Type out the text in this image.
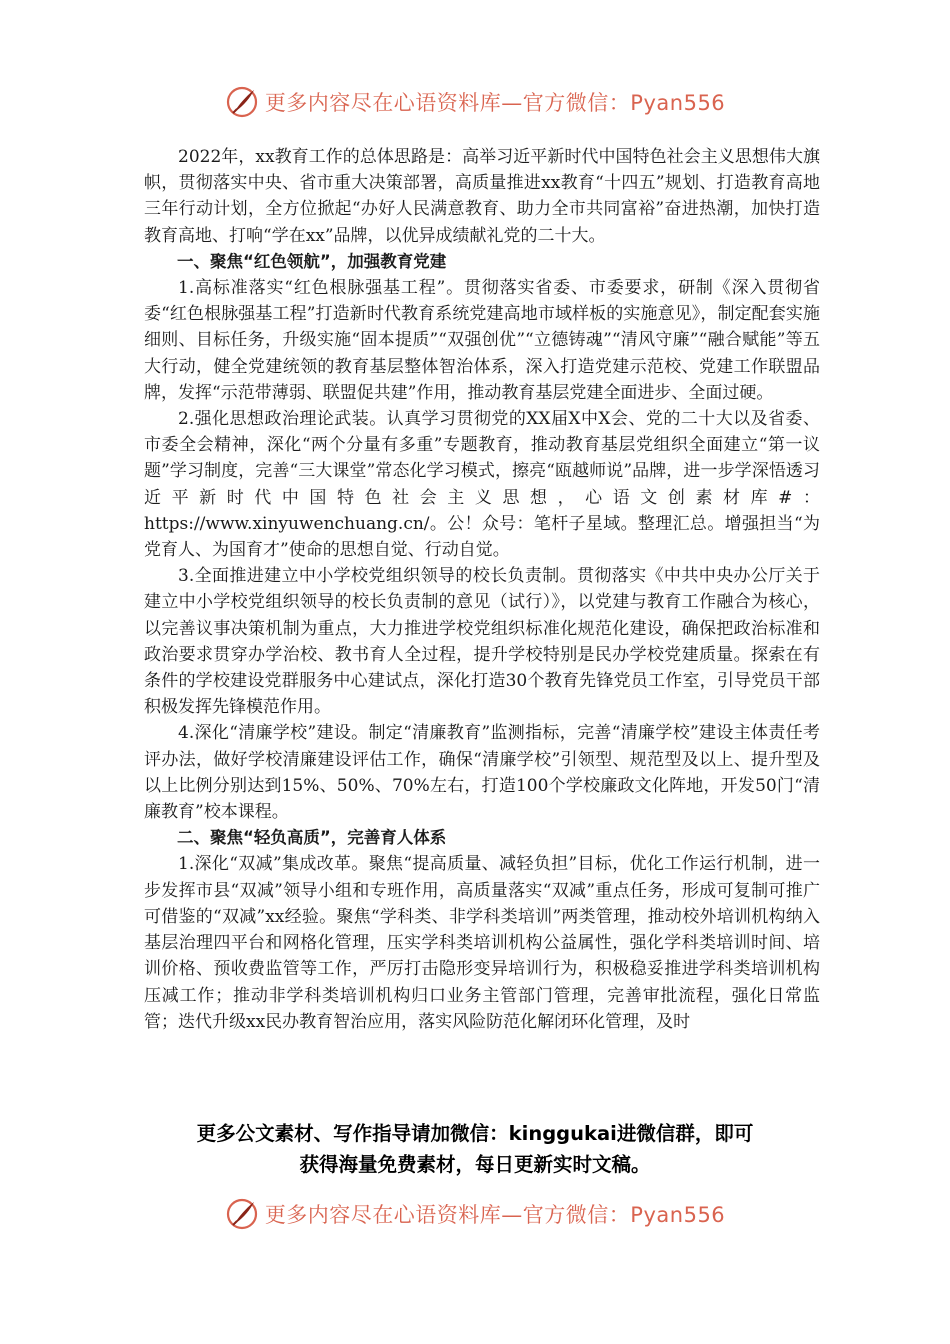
更多内容尽在心语资料库—官方微信：Pyan556

2022年，xx教育工作的总体思路是：高举习近平新时代中国特色社会主义思想伟大旗帜，贯彻落实中央、省市重大决策部署，高质量推进xx教育“十四五”规划、打造教育高地三年行动计划，全方位掀起“办好人民满意教育、助力全市共同富裕”奋进热潮，加快打造教育高地、打响“学在xx”品牌，以优异成绩献礼党的二十大。

一、聚焦“红色领航”，加强教育党建

1.高标准落实“红色根脉强基工程”。贯彻落实省委、市委要求，研制《深入贯彻省委“红色根脉强基工程”打造新时代教育系统党建高地市域样板的实施意见》，制定配套实施细则、目标任务，升级实施“固本提质”“双强创优”“立德铸魂”“清风守廉”“融合赋能”等五大行动，健全党建统领的教育基层整体智治体系，深入打造党建示范校、党建工作联盟品牌，发挥“示范带薄弱、联盟促共建”作用，推动教育基层党建全面进步、全面过硬。

2.强化思想政治理论武装。认真学习贯彻党的XX届X中X会、党的二十大以及省委、市委全会精神，深化“两个分量有多重”专题教育，推动教育基层党组织全面建立“第一议题”学习制度，完善“三大课堂”常态化学习模式，擦亮“瓯越师说”品牌，进一步学深悟透习近平新时代中国特色社会主义思想，心语文创素材库#：https://www.xinyuwenchuang.cn/。公！众号：笔杆子星域。整理汇总。增强担当“为党育人、为国育才”使命的思想自觉、行动自觉。

3.全面推进建立中小学校党组织领导的校长负责制。贯彻落实《中共中央办公厅关于建立中小学校党组织领导的校长负责制的意见（试行）》，以党建与教育工作融合为核心，以完善议事决策机制为重点，大力推进学校党组织标准化规范化建设，确保把政治标准和政治要求贯穿办学治校、教书育人全过程，提升学校特别是民办学校党建质量。探索在有条件的学校建设党群服务中心建试点，深化打造30个教育先锋党员工作室，引导党员干部积极发挥先锋模范作用。

4.深化“清廉学校”建设。制定“清廉教育”监测指标，完善“清廉学校”建设主体责任考评办法，做好学校清廉建设评估工作，确保“清廉学校”引领型、规范型及以上、提升型及以上比例分别达到15%、50%、70%左右，打造100个学校廉政文化阵地，开发50门“清廉教育”校本课程。

二、聚焦“轻负高质”，完善育人体系

1.深化“双减”集成改革。聚焦“提高质量、减轻负担”目标，优化工作运行机制，进一步发挥市县“双减”领导小组和专班作用，高质量落实“双减”重点任务，形成可复制可推广可借鉴的“双减”xx经验。聚焦“学科类、非学科类培训”两类管理，推动校外培训机构纳入基层治理四平台和网格化管理，压实学科类培训机构公益属性，强化学科类培训时间、培训价格、预收费监管等工作，严厉打击隐形变异培训行为，积极稳妥推进学科类培训机构压减工作；推动非学科类培训机构归口业务主管部门管理，完善审批流程，强化日常监管；迭代升级xx民办教育智治应用，落实风险防范化解闭环化管理，及时

更多公文素材、写作指导请加微信：kinggukai进微信群，即可
获得海量免费素材，每日更新实时文稿。
更多内容尽在心语资料库—官方微信：Pyan556
